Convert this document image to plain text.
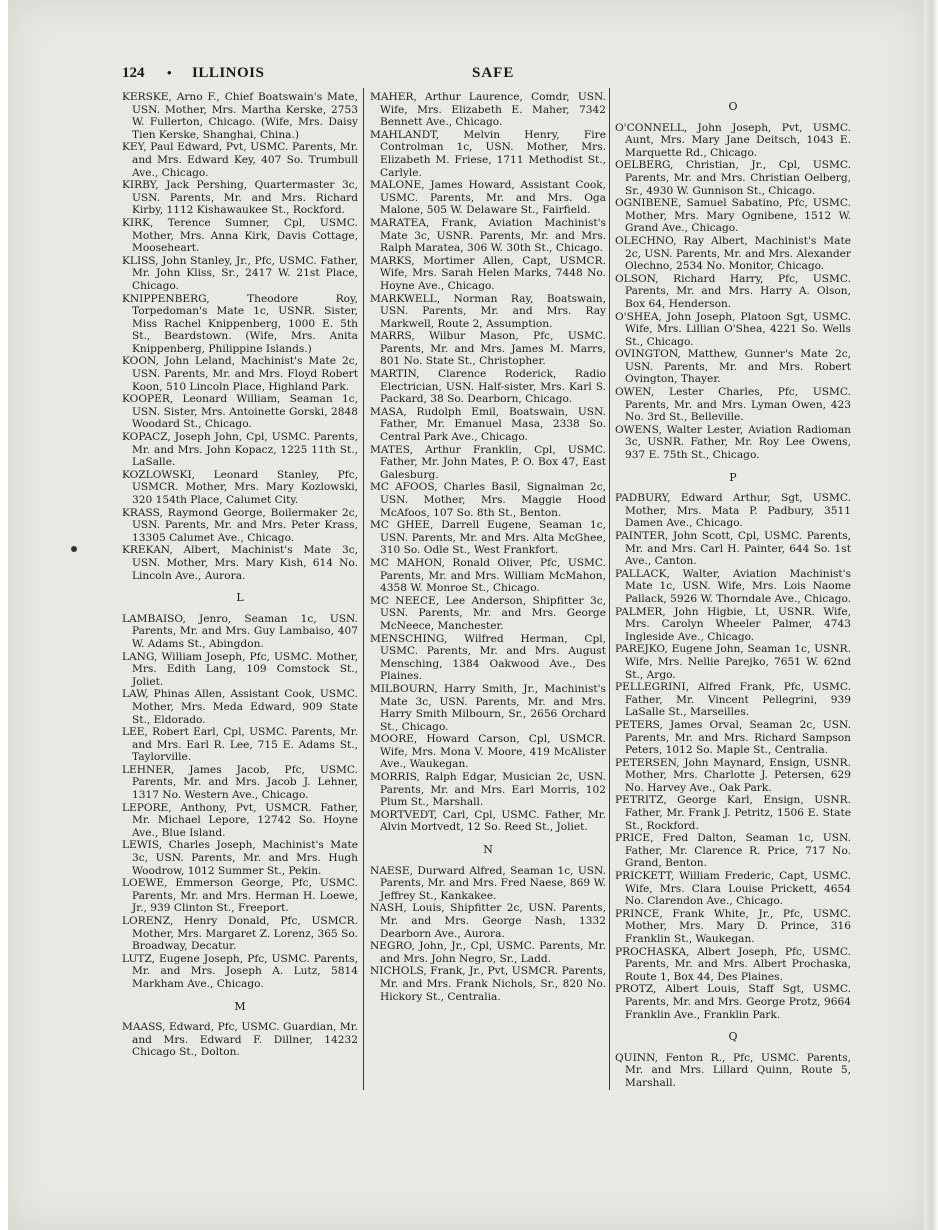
124 • ILLINOIS	SAFE

KERSKE, Arno F., Chief Boatswain's Mate, USN. Mother, Mrs. Martha Kerske, 2753 W. Fullerton, Chicago. (Wife, Mrs. Daisy Tien Kerske, Shanghai, China.)

KEY, Paul Edward, Pvt, USMC. Parents, Mr. and Mrs. Edward Key, 407 So. Trumbull Ave., Chicago.

KIRBY, Jack Pershing, Quartermaster 3c, USN. Parents, Mr. and Mrs. Richard Kirby, 1112 Kishawaukee St., Rockford.

KIRK, Terence Sumner, Cpl, USMC. Mother, Mrs. Anna Kirk, Davis Cottage, Mooseheart.

KLISS, John Stanley, Jr., Pfc, USMC. Father, Mr. John Kliss, Sr., 2417 W. 21st Place, Chicago.

KNIPPENBERG, Theodore Roy, Torpedoman's Mate 1c, USNR. Sister, Miss Rachel Knippenberg, 1000 E. 5th St., Beardstown. (Wife, Mrs. Anita Knippenberg, Philippine Islands.)

KOON, John Leland, Machinist's Mate 2c, USN. Parents, Mr. and Mrs. Floyd Robert Koon, 510 Lincoln Place, Highland Park.

KOOPER, Leonard William, Seaman 1c, USN. Sister, Mrs. Antoinette Gorski, 2848 Woodard St., Chicago.

KOPACZ, Joseph John, Cpl, USMC. Parents, Mr. and Mrs. John Kopacz, 1225 11th St., LaSalle.

KOZLOWSKI, Leonard Stanley, Pfc, USMCR. Mother, Mrs. Mary Kozlowski, 320 154th Place, Calumet City.

KRASS, Raymond George, Boilermaker 2c, USN. Parents, Mr. and Mrs. Peter Krass, 13305 Calumet Ave., Chicago.

KREKAN, Albert, Machinist's Mate 3c, USN. Mother, Mrs. Mary Kish, 614 No. Lincoln Ave., Aurora.

L

LAMBAISO, Jenro, Seaman 1c, USN. Parents, Mr. and Mrs. Guy Lambaiso, 407 W. Adams St., Abingdon.

LANG, William Joseph, Pfc, USMC. Mother, Mrs. Edith Lang, 109 Comstock St., Joliet.

LAW, Phinas Allen, Assistant Cook, USMC. Mother, Mrs. Meda Edward, 909 State St., Eldorado.

LEE, Robert Earl, Cpl, USMC. Parents, Mr. and Mrs. Earl R. Lee, 715 E. Adams St., Taylorville.

LEHNER, James Jacob, Pfc, USMC. Parents, Mr. and Mrs. Jacob J. Lehner, 1317 No. Western Ave., Chicago.

LEPORE, Anthony, Pvt, USMCR. Father, Mr. Michael Lepore, 12742 So. Hoyne Ave., Blue Island.

LEWIS, Charles Joseph, Machinist's Mate 3c, USN. Parents, Mr. and Mrs. Hugh Woodrow, 1012 Summer St., Pekin.

LOEWE, Emmerson George, Pfc, USMC. Parents, Mr. and Mrs. Herman H. Loewe, Jr., 939 Clinton St., Freeport.

LORENZ, Henry Donald, Pfc, USMCR. Mother, Mrs. Margaret Z. Lorenz, 365 So. Broadway, Decatur.

LUTZ, Eugene Joseph, Pfc, USMC. Parents, Mr. and Mrs. Joseph A. Lutz, 5814 Markham Ave., Chicago.

M

MAASS, Edward, Pfc, USMC. Guardian, Mr. and Mrs. Edward F. Dillner, 14232 Chicago St., Dolton.

MAHER, Arthur Laurence, Comdr, USN. Wife, Mrs. Elizabeth E. Maher, 7342 Bennett Ave., Chicago.

MAHLANDT, Melvin Henry, Fire Controlman 1c, USN. Mother, Mrs. Elizabeth M. Friese, 1711 Methodist St., Carlyle.

MALONE, James Howard, Assistant Cook, USMC. Parents, Mr. and Mrs. Oga Malone, 505 W. Delaware St., Fairfield.

MARATEA, Frank, Aviation Machinist's Mate 3c, USNR. Parents, Mr. and Mrs. Ralph Maratea, 306 W. 30th St., Chicago.

MARKS, Mortimer Allen, Capt, USMCR. Wife, Mrs. Sarah Helen Marks, 7448 No. Hoyne Ave., Chicago.

MARKWELL, Norman Ray, Boatswain, USN. Parents, Mr. and Mrs. Ray Markwell, Route 2, Assumption.

MARRS, Wilbur Mason, Pfc, USMC. Parents, Mr. and Mrs. James M. Marrs, 801 No. State St., Christopher.

MARTIN, Clarence Roderick, Radio Electrician, USN. Half-sister, Mrs. Karl S. Packard, 38 So. Dearborn, Chicago.

MASA, Rudolph Emil, Boatswain, USN. Father, Mr. Emanuel Masa, 2338 So. Central Park Ave., Chicago.

MATES, Arthur Franklin, Cpl, USMC. Father, Mr. John Mates, P. O. Box 47, East Galesburg.

MC AFOOS, Charles Basil, Signalman 2c, USN. Mother, Mrs. Maggie Hood McAfoos, 107 So. 8th St., Benton.

MC GHEE, Darrell Eugene, Seaman 1c, USN. Parents, Mr. and Mrs. Alta McGhee, 310 So. Odle St., West Frankfort.

MC MAHON, Ronald Oliver, Pfc, USMC. Parents, Mr. and Mrs. William McMahon, 4358 W. Monroe St., Chicago.

MC NEECE, Lee Anderson, Shipfitter 3c, USN. Parents, Mr. and Mrs. George McNeece, Manchester.

MENSCHING, Wilfred Herman, Cpl, USMC. Parents, Mr. and Mrs. August Mensching, 1384 Oakwood Ave., Des Plaines.

MILBOURN, Harry Smith, Jr., Machinist's Mate 3c, USN. Parents, Mr. and Mrs. Harry Smith Milbourn, Sr., 2656 Orchard St., Chicago.

MOORE, Howard Carson, Cpl, USMCR. Wife, Mrs. Mona V. Moore, 419 McAlister Ave., Waukegan.

MORRIS, Ralph Edgar, Musician 2c, USN. Parents, Mr. and Mrs. Earl Morris, 102 Plum St., Marshall.

MORTVEDT, Carl, Cpl, USMC. Father, Mr. Alvin Mortvedt, 12 So. Reed St., Joliet.

N

NAESE, Durward Alfred, Seaman 1c, USN. Parents, Mr. and Mrs. Fred Naese, 869 W. Jeffrey St., Kankakee.

NASH, Louis, Shipfitter 2c, USN. Parents, Mr. and Mrs. George Nash, 1332 Dearborn Ave., Aurora.

NEGRO, John, Jr., Cpl, USMC. Parents, Mr. and Mrs. John Negro, Sr., Ladd.

NICHOLS, Frank, Jr., Pvt, USMCR. Parents, Mr. and Mrs. Frank Nichols, Sr., 820 No. Hickory St., Centralia.

O

O'CONNELL, John Joseph, Pvt, USMC. Aunt, Mrs. Mary Jane Deitsch, 1043 E. Marquette Rd., Chicago.

OELBERG, Christian, Jr., Cpl, USMC. Parents, Mr. and Mrs. Christian Oelberg, Sr., 4930 W. Gunnison St., Chicago.

OGNIBENE, Samuel Sabatino, Pfc, USMC. Mother, Mrs. Mary Ognibene, 1512 W. Grand Ave., Chicago.

OLECHNO, Ray Albert, Machinist's Mate 2c, USN. Parents, Mr. and Mrs. Alexander Olechno, 2534 No. Monitor, Chicago.

OLSON, Richard Harry, Pfc, USMC. Parents, Mr. and Mrs. Harry A. Olson, Box 64, Henderson.

O'SHEA, John Joseph, Platoon Sgt, USMC. Wife, Mrs. Lillian O'Shea, 4221 So. Wells St., Chicago.

OVINGTON, Matthew, Gunner's Mate 2c, USN. Parents, Mr. and Mrs. Robert Ovington, Thayer.

OWEN, Lester Charles, Pfc, USMC. Parents, Mr. and Mrs. Lyman Owen, 423 No. 3rd St., Belleville.

OWENS, Walter Lester, Aviation Radioman 3c, USNR. Father, Mr. Roy Lee Owens, 937 E. 75th St., Chicago.

P

PADBURY, Edward Arthur, Sgt, USMC. Mother, Mrs. Mata P. Padbury, 3511 Damen Ave., Chicago.

PAINTER, John Scott, Cpl, USMC. Parents, Mr. and Mrs. Carl H. Painter, 644 So. 1st Ave., Canton.

PALLACK, Walter, Aviation Machinist's Mate 1c, USN. Wife, Mrs. Lois Naome Pallack, 5926 W. Thorndale Ave., Chicago.

PALMER, John Higbie, Lt, USNR. Wife, Mrs. Carolyn Wheeler Palmer, 4743 Ingleside Ave., Chicago.

PAREJKO, Eugene John, Seaman 1c, USNR. Wife, Mrs. Nellie Parejko, 7651 W. 62nd St., Argo.

PELLEGRINI, Alfred Frank, Pfc, USMC. Father, Mr. Vincent Pellegrini, 939 LaSalle St., Marseilles.

PETERS, James Orval, Seaman 2c, USN. Parents, Mr. and Mrs. Richard Sampson Peters, 1012 So. Maple St., Centralia.

PETERSEN, John Maynard, Ensign, USNR. Mother, Mrs. Charlotte J. Petersen, 629 No. Harvey Ave., Oak Park.

PETRITZ, George Karl, Ensign, USNR. Father, Mr. Frank J. Petritz, 1506 E. State St., Rockford.

PRICE, Fred Dalton, Seaman 1c, USN. Father, Mr. Clarence R. Price, 717 No. Grand, Benton.

PRICKETT, William Frederic, Capt, USMC. Wife, Mrs. Clara Louise Prickett, 4654 No. Clarendon Ave., Chicago.

PRINCE, Frank White, Jr., Pfc, USMC. Mother, Mrs. Mary D. Prince, 316 Franklin St., Waukegan.

PROCHASKA, Albert Joseph, Pfc, USMC. Parents, Mr. and Mrs. Albert Prochaska, Route 1, Box 44, Des Plaines.

PROTZ, Albert Louis, Staff Sgt, USMC. Parents, Mr. and Mrs. George Protz, 9664 Franklin Ave., Franklin Park.

Q

QUINN, Fenton R., Pfc, USMC. Parents, Mr. and Mrs. Lillard Quinn, Route 5, Marshall.
